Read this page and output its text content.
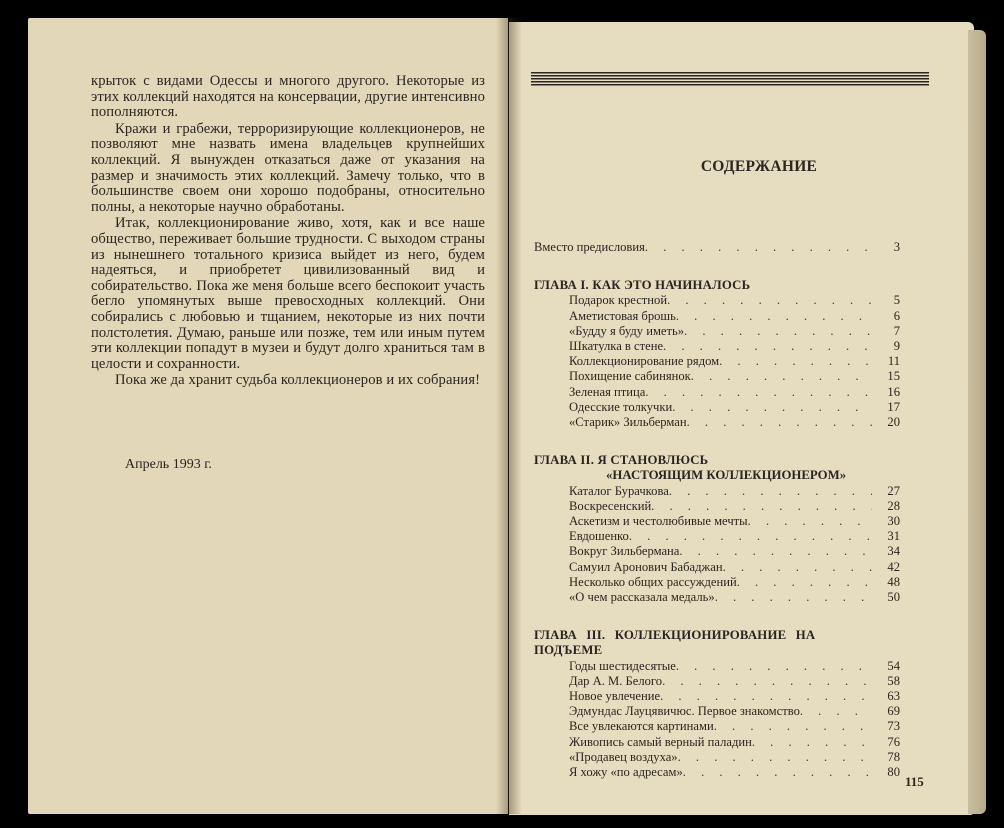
крыток с видами Одессы и многого другого. Некоторые из этих коллекций находятся на консервации, другие интенсивно пополняются.

Кражи и грабежи, терроризирующие коллекционеров, не позволяют мне назвать имена владельцев крупнейших коллекций. Я вынужден отказаться даже от указания на размер и значимость этих коллекций. Замечу только, что в большинстве своем они хорошо подобраны, относительно полны, а некоторые научно обработаны.

Итак, коллекционирование живо, хотя, как и все наше общество, переживает большие трудности. С выходом страны из нынешнего тотального кризиса выйдет из него, будем надеяться, и приобретет цивилизованный вид и собирательство. Пока же меня больше всего беспокоит участь бегло упомянутых выше превосходных коллекций. Они собирались с любовью и тщанием, некоторые из них почти полстолетия. Думаю, раньше или позже, тем или иным путем эти коллекции попадут в музеи и будут долго храниться там в целости и сохранности.

Пока же да хранит судьба коллекционеров и их собрания!

Апрель 1993 г.
СОДЕРЖАНИЕ
Вместо предисловия . . .	3
ГЛАВА I. КАК ЭТО НАЧИНАЛОСЬ
Подарок крестной . . .	5
Аметистовая брошь . . .	6
«Будду я буду иметь» . . .	7
Шкатулка в стене . . .	9
Коллекционирование рядом . . .	11
Похищение сабинянок . . .	15
Зеленая птица . . .	16
Одесские толкучки . . .	17
«Старик» Зильберман . . .	20
ГЛАВА II. Я СТАНОВЛЮСЬ
«НАСТОЯЩИМ КОЛЛЕКЦИОНЕРОМ»
Каталог Бурачкова . . .	27
Воскресенский . . .	28
Аскетизм и честолюбивые мечты . . .	30
Евдошенко . . .	31
Вокруг Зильбермана . . .	34
Самуил Аронович Бабаджан . . .	42
Несколько общих рассуждений . . .	48
«О чем рассказала медаль» . . .	50
ГЛАВА III. КОЛЛЕКЦИОНИРОВАНИЕ НА
ПОДЪЕМЕ
Годы шестидесятые . . .	54
Дар А. М. Белого . . .	58
Новое увлечение . . .	63
Эдмундас Лауцявичюс. Первое знакомство . . .	69
Все увлекаются картинами . . .	73
Живопись самый верный паладин . . .	76
«Продавец воздуха» . . .	78
Я хожу «по адресам» . . .	80
115
